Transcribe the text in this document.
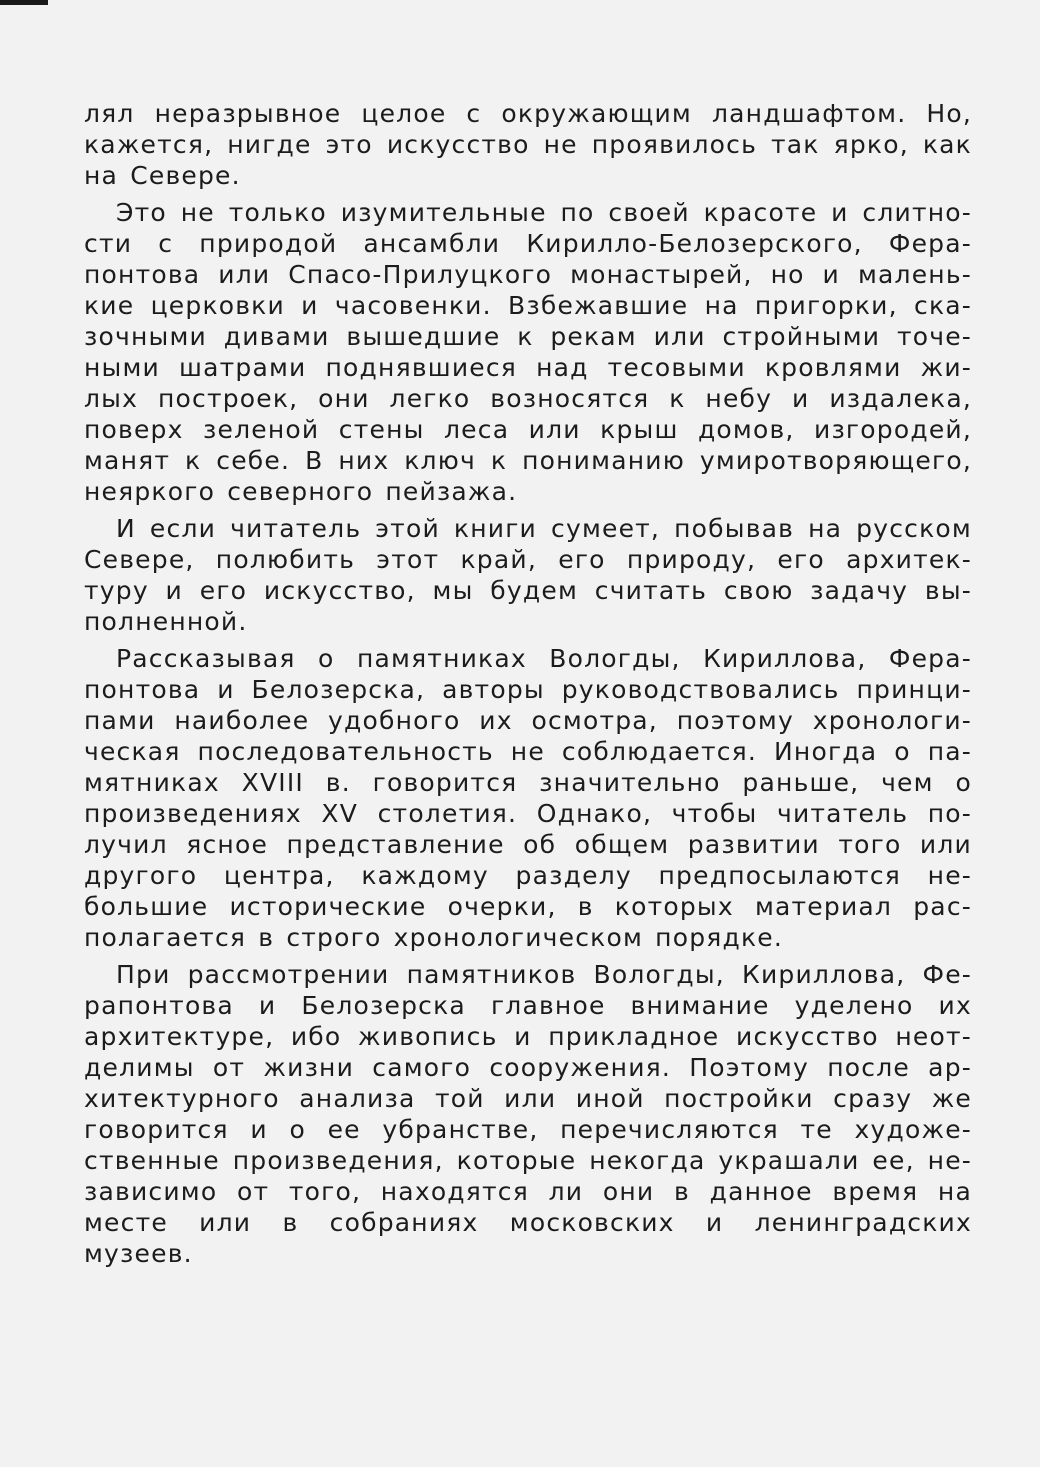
лял неразрывное целое с окружающим ландшафтом. Но,
кажется, нигде это искусство не проявилось так ярко, как
на Севере.
Это не только изумительные по своей красоте и слитно-
сти с природой ансамбли Кирилло-Белозерского, Фера-
понтова или Спасо-Прилуцкого монастырей, но и малень-
кие церковки и часовенки. Взбежавшие на пригорки, ска-
зочными дивами вышедшие к рекам или стройными точе-
ными шатрами поднявшиеся над тесовыми кровлями жи-
лых построек, они легко возносятся к небу и издалека,
поверх зеленой стены леса или крыш домов, изгородей,
манят к себе. В них ключ к пониманию умиротворяющего,
неяркого северного пейзажа.
И если читатель этой книги сумеет, побывав на русском
Севере, полюбить этот край, его природу, его архитек-
туру и его искусство, мы будем считать свою задачу вы-
полненной.
Рассказывая о памятниках Вологды, Кириллова, Фера-
понтова и Белозерска, авторы руководствовались принци-
пами наиболее удобного их осмотра, поэтому хронологи-
ческая последовательность не соблюдается. Иногда о па-
мятниках XVIII в. говорится значительно раньше, чем о
произведениях XV столетия. Однако, чтобы читатель по-
лучил ясное представление об общем развитии того или
другого центра, каждому разделу предпосылаются не-
большие исторические очерки, в которых материал рас-
полагается в строго хронологическом порядке.
При рассмотрении памятников Вологды, Кириллова, Фе-
рапонтова и Белозерска главное внимание уделено их
архитектуре, ибо живопись и прикладное искусство неот-
делимы от жизни самого сооружения. Поэтому после ар-
хитектурного анализа той или иной постройки сразу же
говорится и о ее убранстве, перечисляются те художе-
ственные произведения, которые некогда украшали ее, не-
зависимо от того, находятся ли они в данное время на
месте или в собраниях московских и ленинградских
музеев.
